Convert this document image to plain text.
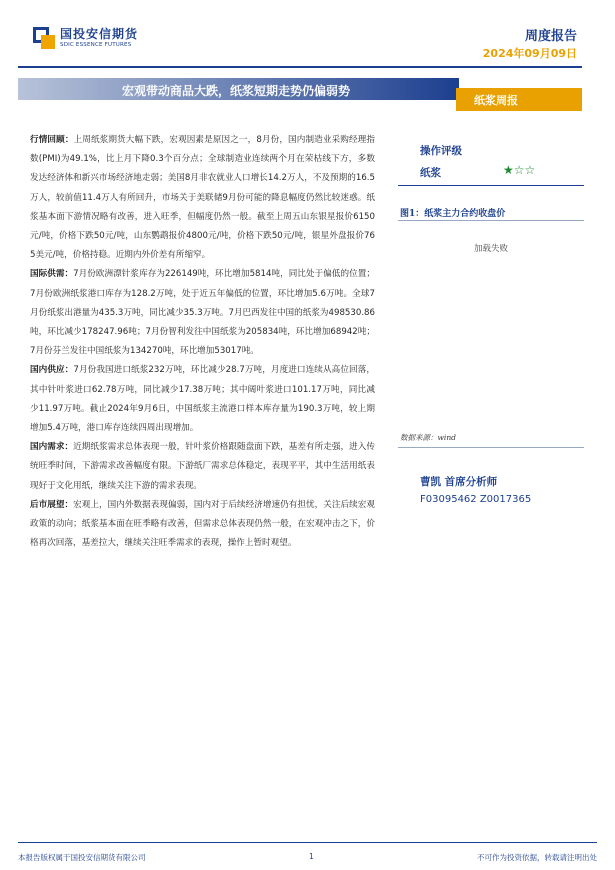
国投安信期货
SDIC ESSENCE FUTURES
周度报告
2024年09月09日
宏观带动商品大跌，纸浆短期走势仍偏弱势
纸浆周报

行情回顾：上周纸浆期货大幅下跌，宏观因素是原因之一，8月份，国内制造业采购经理指数(PMI)为49.1%，比上月下降0.3个百分点；全球制造业连续两个月在荣枯线下方，多数发达经济体和新兴市场经济地走弱；美国8月非农就业人口增长14.2万人，不及预期的16.5万人，较前值11.4万人有所回升，市场关于美联储9月份可能的降息幅度仍然比较迷惑。纸浆基本面下游情况略有改善，进入旺季，但幅度仍然一般。截至上周五山东银星报价6150元/吨，价格下跌50元/吨，山东鹦鹉报价4800元/吨，价格下跌50元/吨，银星外盘报价765美元/吨，价格持稳。近期内外价差有所缩窄。

国际供需：7月份欧洲漂针浆库存为226149吨，环比增加5814吨，同比处于偏低的位置；7月份欧洲纸浆港口库存为128.2万吨，处于近五年偏低的位置，环比增加5.6万吨。全球7月份纸浆出港量为435.3万吨，同比减少35.3万吨。7月巴西发往中国的纸浆为498530.86吨，环比减少178247.96吨；7月份智利发往中国纸浆为205834吨，环比增加68942吨；7月份芬兰发往中国纸浆为134270吨，环比增加53017吨。

国内供应：7月份我国进口纸浆232万吨，环比减少28.7万吨，月度进口连续从高位回落，其中针叶浆进口62.78万吨，同比减少17.38万吨；其中阔叶浆进口101.17万吨，同比减少11.97万吨。截止2024年9月6日，中国纸浆主流港口样本库存量为190.3万吨，较上期增加5.4万吨，港口库存连续四周出现增加。

国内需求：近期纸浆需求总体表现一般，针叶浆价格跟随盘面下跌，基差有所走强，进入传统旺季时间，下游需求改善幅度有限。下游纸厂需求总体稳定，表现平平，其中生活用纸表现好于文化用纸，继续关注下游的需求表现。

后市展望：宏观上，国内外数据表现偏弱，国内对于后续经济增速仍有担忧，关注后续宏观政策的动向；纸浆基本面在旺季略有改善，但需求总体表现仍然一般，在宏观冲击之下，价格再次回落，基差拉大，继续关注旺季需求的表现，操作上暂时观望。

操作评级
纸浆	★☆☆
图1：纸浆主力合约收盘价
加载失败
数据来源：wind
曹凯 首席分析师
F03095462 Z0017365
本报告版权属于国投安信期货有限公司	1	不可作为投资依据，转载请注明出处
